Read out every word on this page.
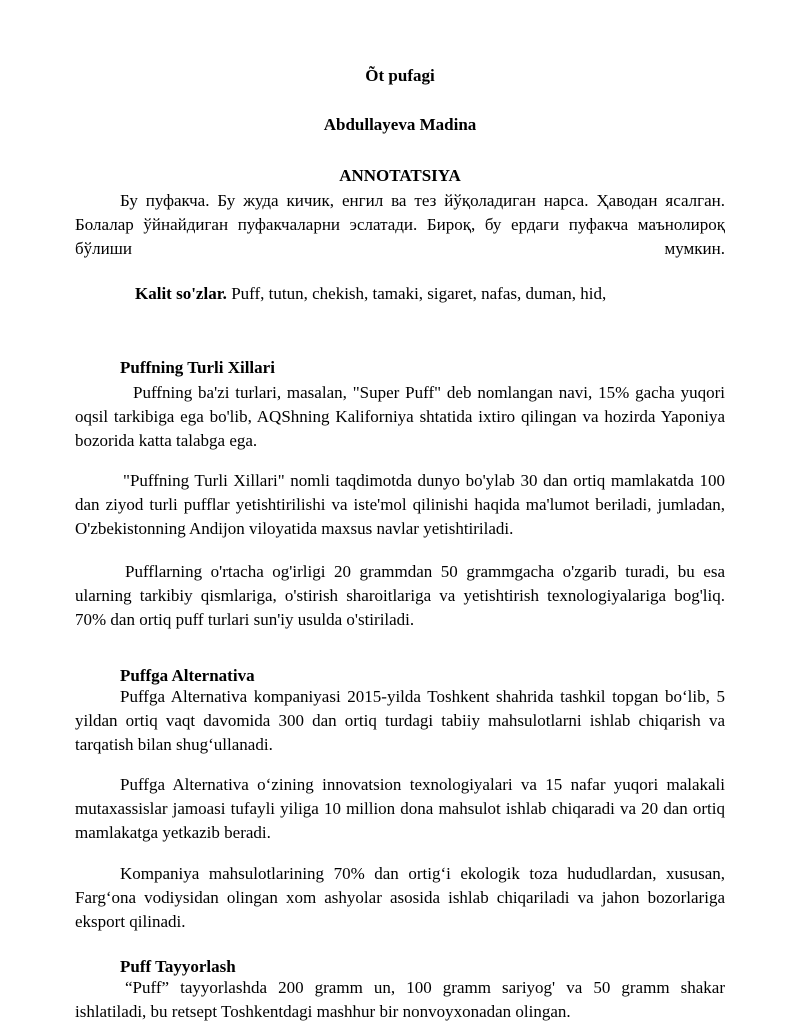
Õt pufagi

Abdullayeva Madina

ANNOTATSIYA

Бу пуфакча. Бу жуда кичик, енгил ва тез йўқоладиган нарса. Ҳаводан ясалган. Болалар ўйнайдиган пуфакчаларни эслатади. Бироқ, бу ердаги пуфакча маънолироқ бўлиши мумкин.

Kalit so'zlar. Puff, tutun, chekish, tamaki, sigaret, nafas, duman, hid,

Puffning Turli Xillari

Puffning ba'zi turlari, masalan, "Super Puff" deb nomlangan navi, 15% gacha yuqori oqsil tarkibiga ega bo'lib, AQShning Kaliforniya shtatida ixtiro qilingan va hozirda Yaponiya bozorida katta talabga ega.

"Puffning Turli Xillari" nomli taqdimotda dunyo bo'ylab 30 dan ortiq mamlakatda 100 dan ziyod turli pufflar yetishtirilishi va iste'mol qilinishi haqida ma'lumot beriladi, jumladan, O'zbekistonning Andijon viloyatida maxsus navlar yetishtiriladi.

Pufflarning o'rtacha og'irligi 20 grammdan 50 grammgacha o'zgarib turadi, bu esa ularning tarkibiy qismlariga, o'stirish sharoitlariga va yetishtirish texnologiyalariga bog'liq. 70% dan ortiq puff turlari sun'iy usulda o'stiriladi.

Puffga Alternativa

Puffga Alternativa kompaniyasi 2015-yilda Toshkent shahrida tashkil topgan bo‘lib, 5 yildan ortiq vaqt davomida 300 dan ortiq turdagi tabiiy mahsulotlarni ishlab chiqarish va tarqatish bilan shug‘ullanadi.

Puffga Alternativa o‘zining innovatsion texnologiyalari va 15 nafar yuqori malakali mutaxassislar jamoasi tufayli yiliga 10 million dona mahsulot ishlab chiqaradi va 20 dan ortiq mamlakatga yetkazib beradi.

Kompaniya mahsulotlarining 70% dan ortig‘i ekologik toza hududlardan, xususan, Farg‘ona vodiysidan olingan xom ashyolar asosida ishlab chiqariladi va jahon bozorlariga eksport qilinadi.

Puff Tayyorlash

“Puff” tayyorlashda 200 gramm un, 100 gramm sariyog' va 50 gramm shakar ishlatiladi, bu retsept Toshkentdagi mashhur bir nonvoyxonadan olingan.
